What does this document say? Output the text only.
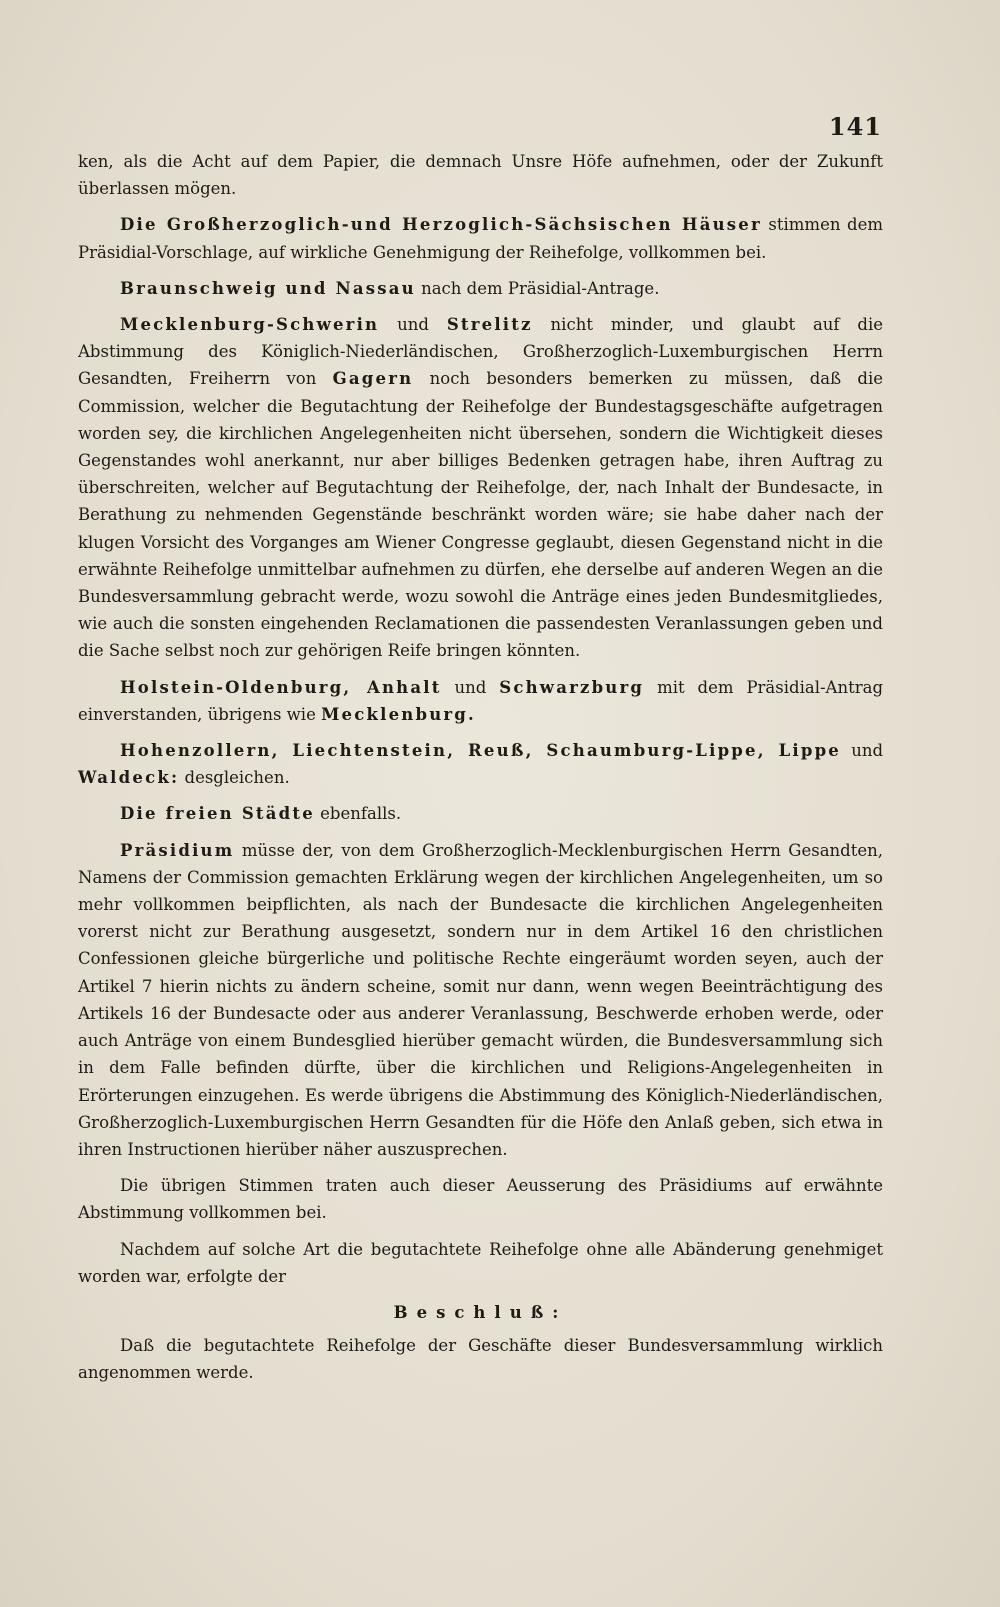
141

ken, als die Acht auf dem Papier, die demnach Unsre Höfe aufnehmen, oder der Zukunft überlassen mögen.

Die Großherzoglich-und Herzoglich-Sächsischen Häuser stimmen dem Präsidial-Vorschlage, auf wirkliche Genehmigung der Reihefolge, vollkommen bei.

Braunschweig und Nassau nach dem Präsidial-Antrage.

Mecklenburg-Schwerin und Strelitz nicht minder, und glaubt auf die Abstimmung des Königlich-Niederländischen, Großherzoglich-Luxemburgischen Herrn Gesandten, Freiherrn von Gagern noch besonders bemerken zu müssen, daß die Commission, welcher die Begutachtung der Reihefolge der Bundestagsgeschäfte aufgetragen worden sey, die kirchlichen Angelegenheiten nicht übersehen, sondern die Wichtigkeit dieses Gegenstandes wohl anerkannt, nur aber billiges Bedenken getragen habe, ihren Auftrag zu überschreiten, welcher auf Begutachtung der Reihefolge, der, nach Inhalt der Bundesacte, in Berathung zu nehmenden Gegenstände beschränkt worden wäre; sie habe daher nach der klugen Vorsicht des Vorganges am Wiener Congresse geglaubt, diesen Gegenstand nicht in die erwähnte Reihefolge unmittelbar aufnehmen zu dürfen, ehe derselbe auf anderen Wegen an die Bundesversammlung gebracht werde, wozu sowohl die Anträge eines jeden Bundesmitgliedes, wie auch die sonsten eingehenden Reclamationen die passendesten Veranlassungen geben und die Sache selbst noch zur gehörigen Reife bringen könnten.

Holstein-Oldenburg, Anhalt und Schwarzburg mit dem Präsidial-Antrag einverstanden, übrigens wie Mecklenburg.

Hohenzollern, Liechtenstein, Reuß, Schaumburg-Lippe, Lippe und Waldeck: desgleichen.

Die freien Städte ebenfalls.

Präsidium müsse der, von dem Großherzoglich-Mecklenburgischen Herrn Gesandten, Namens der Commission gemachten Erklärung wegen der kirchlichen Angelegenheiten, um so mehr vollkommen beipflichten, als nach der Bundesacte die kirchlichen Angelegenheiten vorerst nicht zur Berathung ausgesetzt, sondern nur in dem Artikel 16 den christlichen Confessionen gleiche bürgerliche und politische Rechte eingeräumt worden seyen, auch der Artikel 7 hierin nichts zu ändern scheine, somit nur dann, wenn wegen Beeinträchtigung des Artikels 16 der Bundesacte oder aus anderer Veranlassung, Beschwerde erhoben werde, oder auch Anträge von einem Bundesglied hierüber gemacht würden, die Bundesversammlung sich in dem Falle befinden dürfte, über die kirchlichen und Religions-Angelegenheiten in Erörterungen einzugehen. Es werde übrigens die Abstimmung des Königlich-Niederländischen, Großherzoglich-Luxemburgischen Herrn Gesandten für die Höfe den Anlaß geben, sich etwa in ihren Instructionen hierüber näher auszusprechen.

Die übrigen Stimmen traten auch dieser Aeusserung des Präsidiums auf erwähnte Abstimmung vollkommen bei.

Nachdem auf solche Art die begutachtete Reihefolge ohne alle Abänderung genehmiget worden war, erfolgte der

Beschluß:

Daß die begutachtete Reihefolge der Geschäfte dieser Bundesversammlung wirklich angenommen werde.
